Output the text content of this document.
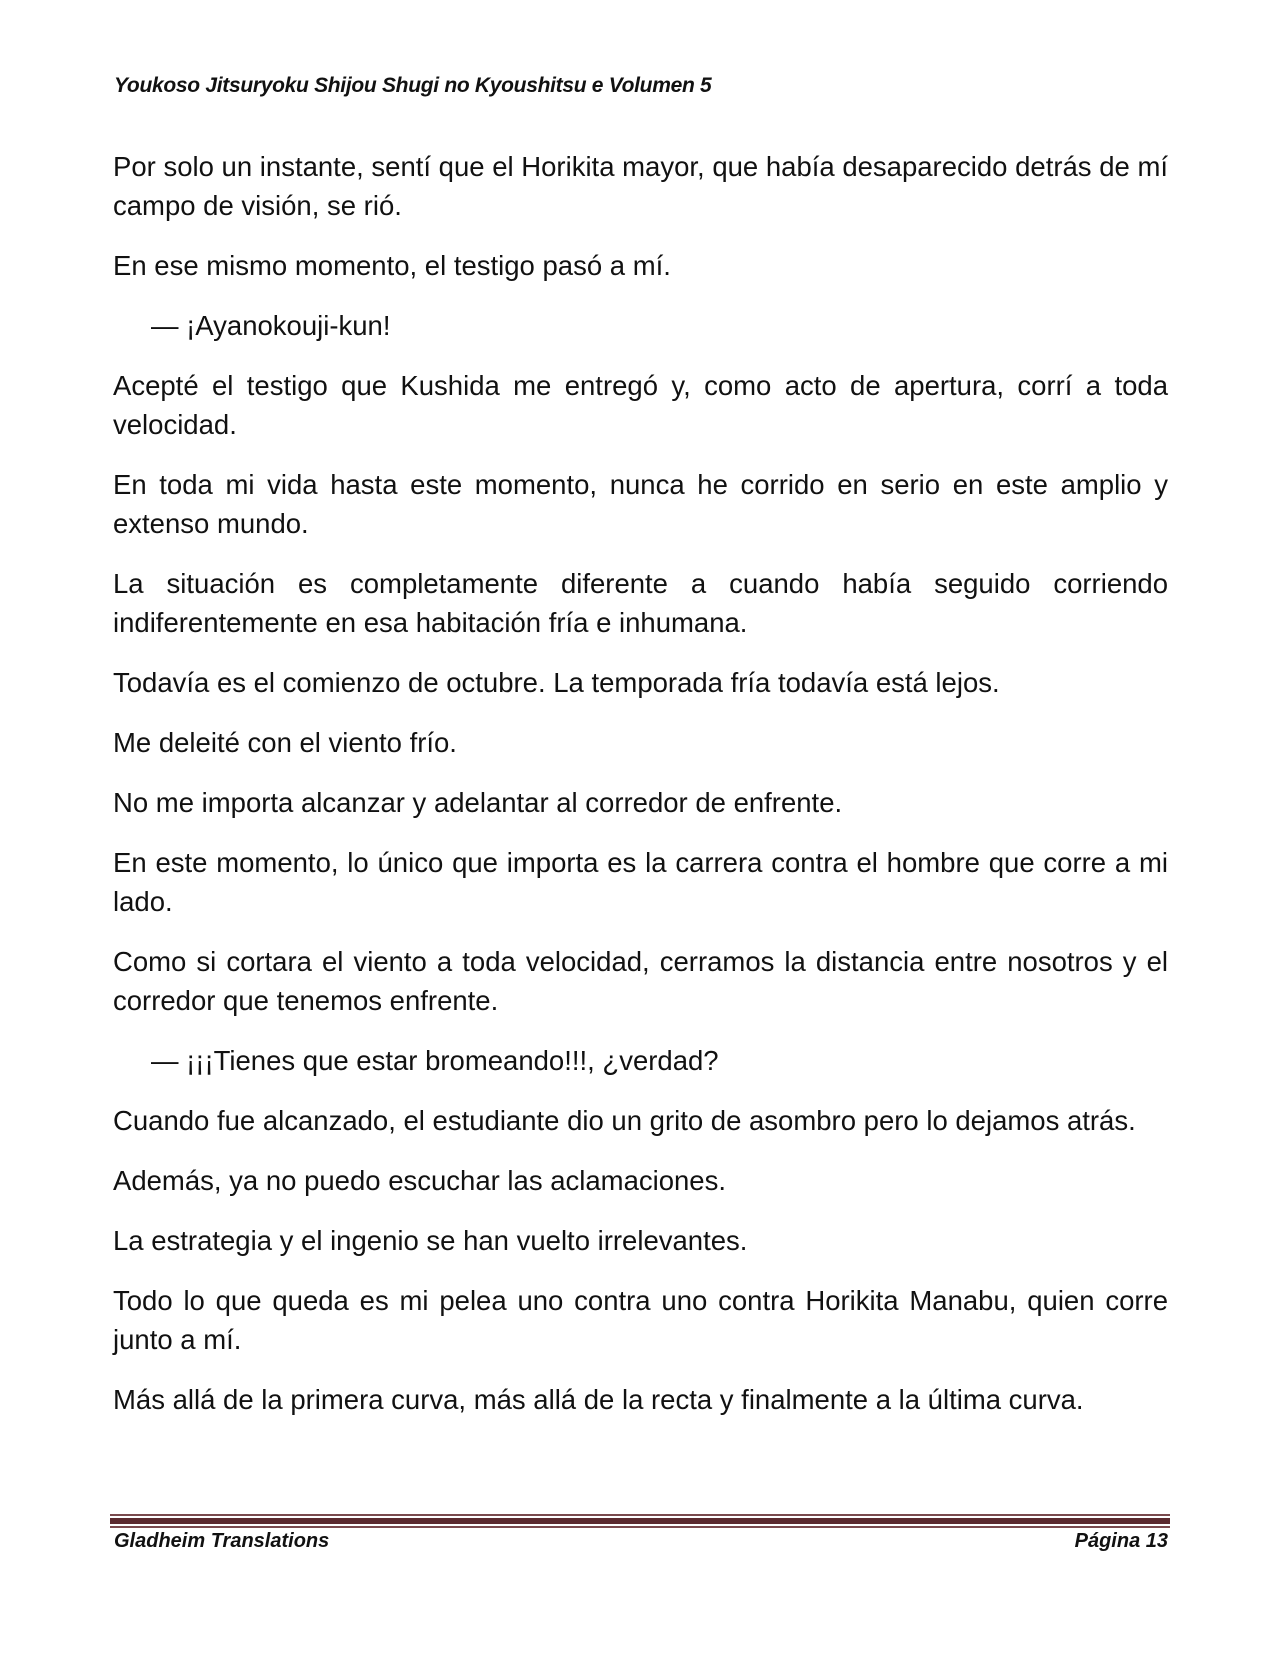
Youkoso Jitsuryoku Shijou Shugi no Kyoushitsu e Volumen 5

Por solo un instante, sentí que el Horikita mayor, que había desaparecido detrás de mí campo de visión, se rió.

En ese mismo momento, el testigo pasó a mí.

— ¡Ayanokouji-kun!

Acepté el testigo que Kushida me entregó y, como acto de apertura, corrí a toda velocidad.

En toda mi vida hasta este momento, nunca he corrido en serio en este amplio y extenso mundo.

La situación es completamente diferente a cuando había seguido corriendo indiferentemente en esa habitación fría e inhumana.

Todavía es el comienzo de octubre. La temporada fría todavía está lejos.

Me deleité con el viento frío.

No me importa alcanzar y adelantar al corredor de enfrente.

En este momento, lo único que importa es la carrera contra el hombre que corre a mi lado.

Como si cortara el viento a toda velocidad, cerramos la distancia entre nosotros y el corredor que tenemos enfrente.

— ¡¡¡Tienes que estar bromeando!!!, ¿verdad?

Cuando fue alcanzado, el estudiante dio un grito de asombro pero lo dejamos atrás.

Además, ya no puedo escuchar las aclamaciones.

La estrategia y el ingenio se han vuelto irrelevantes.

Todo lo que queda es mi pelea uno contra uno contra Horikita Manabu, quien corre junto a mí.

Más allá de la primera curva, más allá de la recta y finalmente a la última curva.

Gladheim Translations	Página 13
